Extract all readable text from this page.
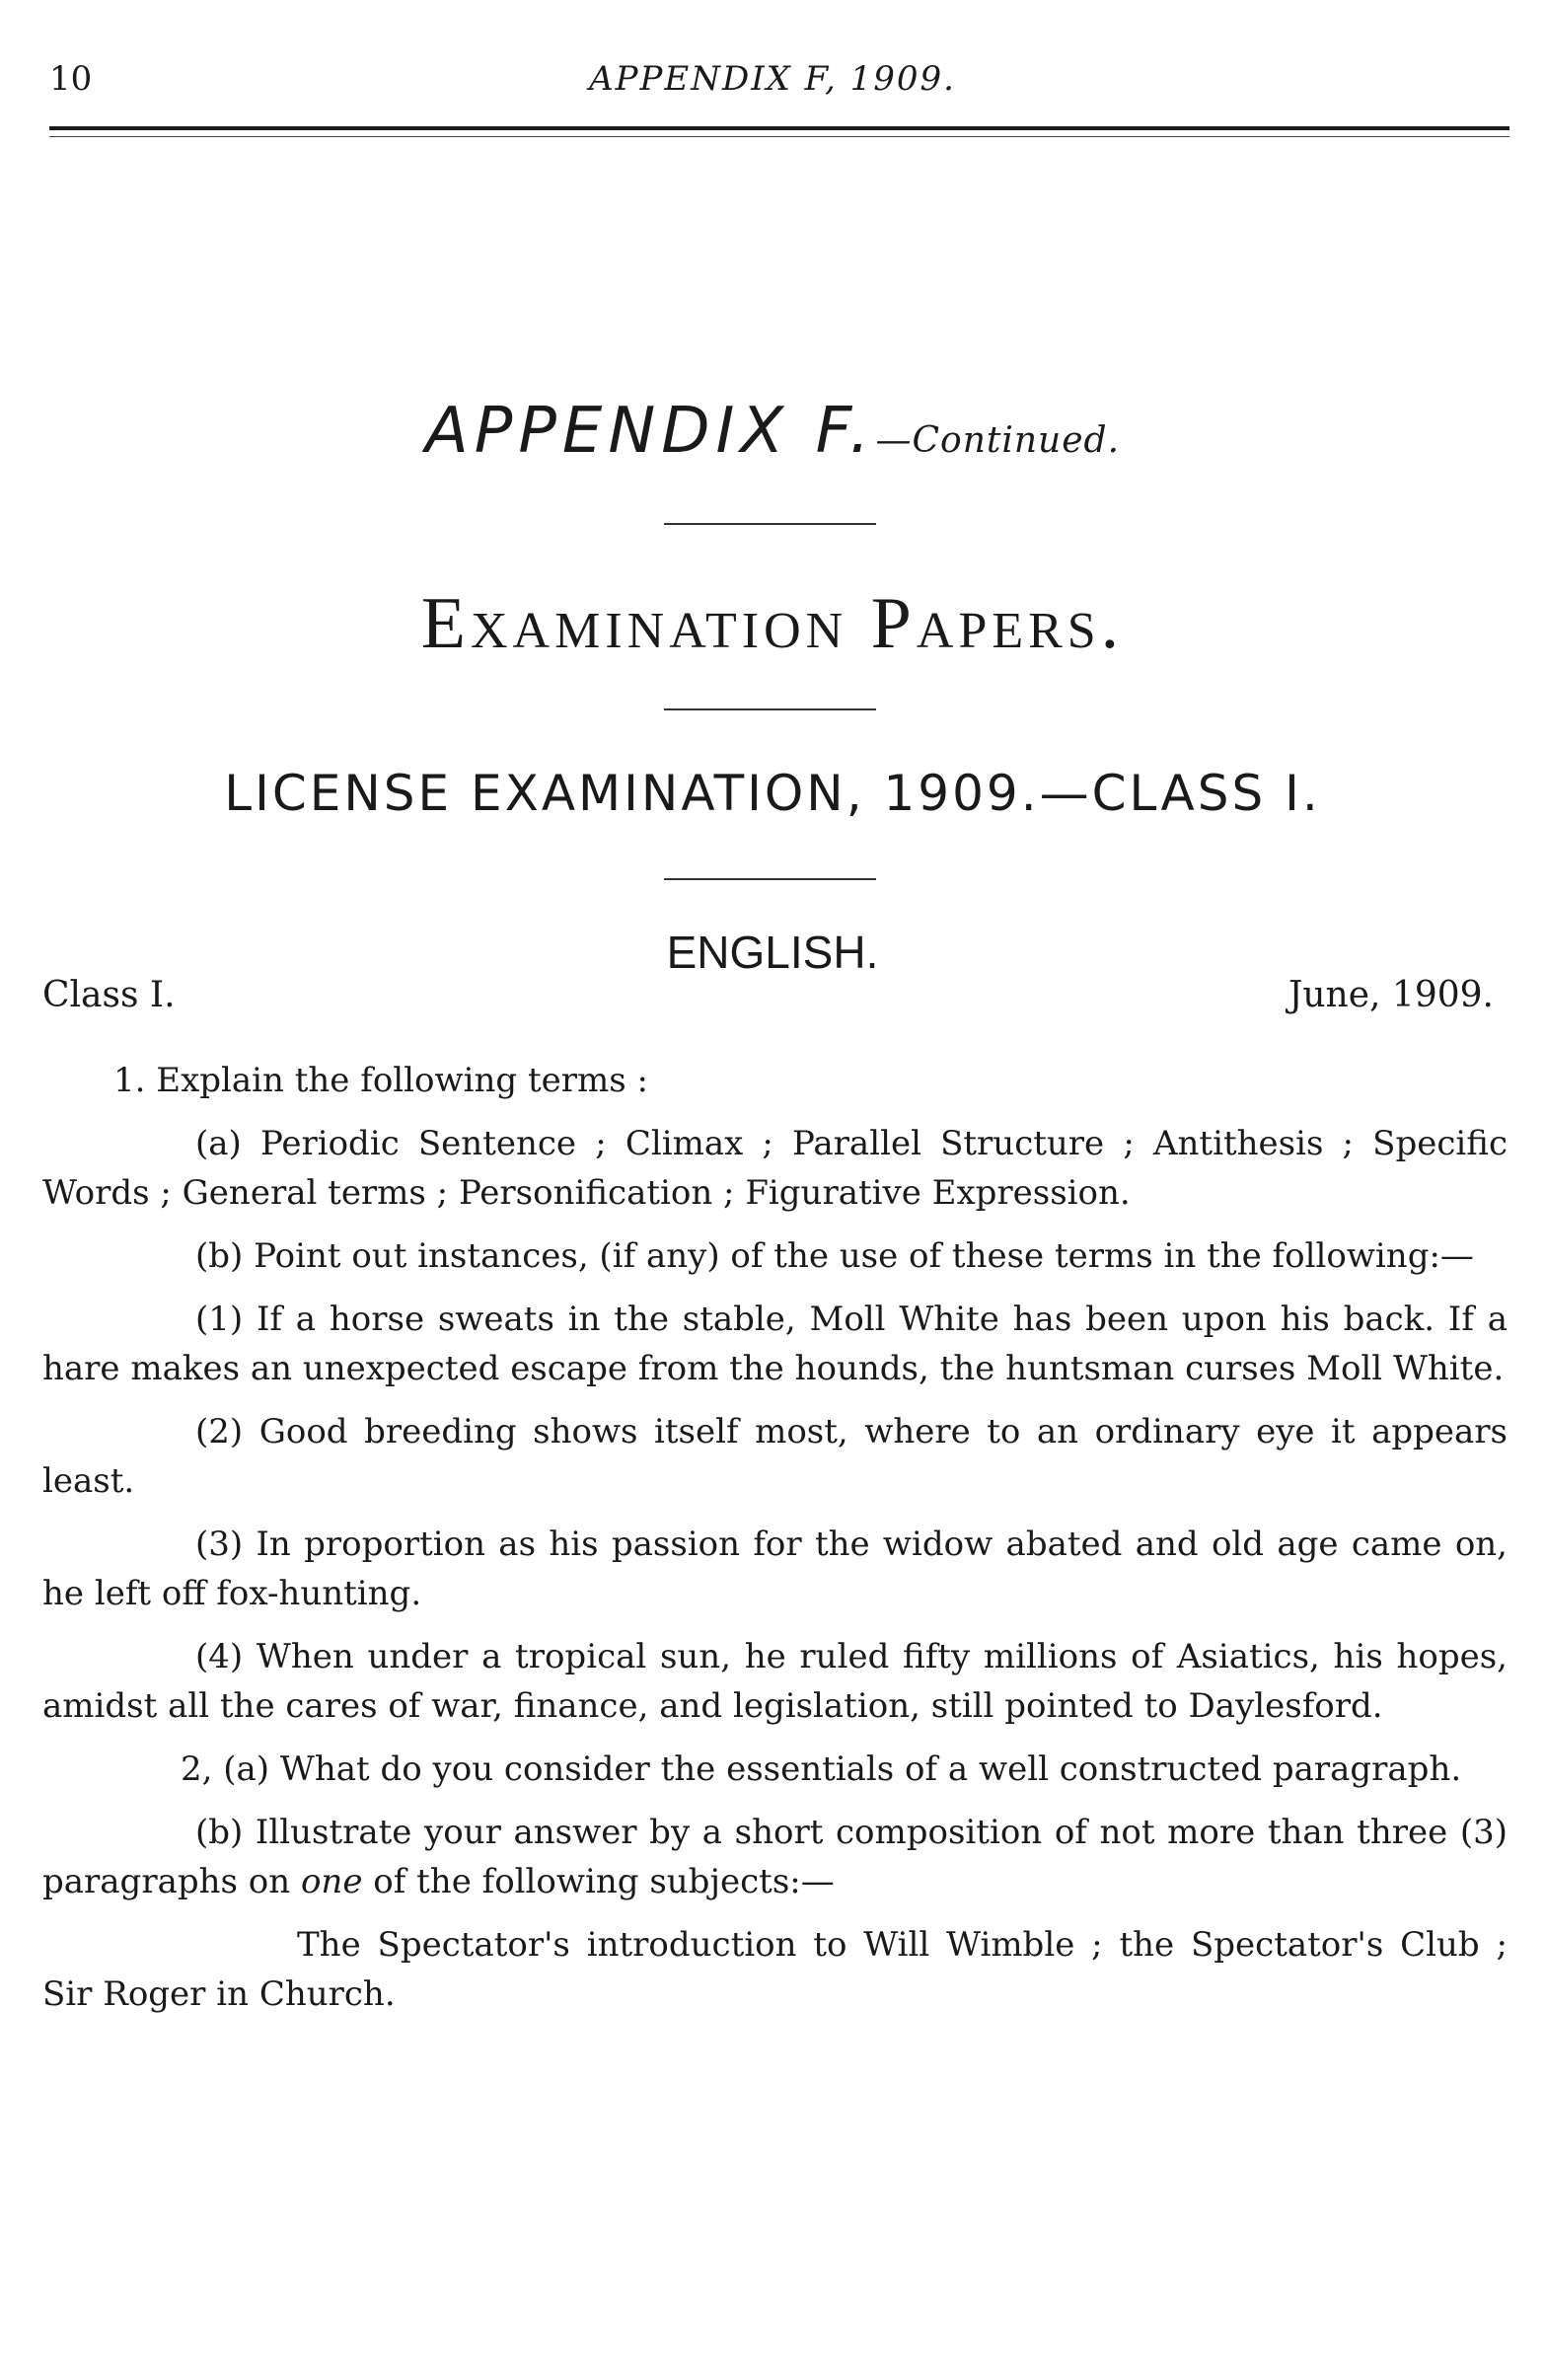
10	APPENDIX F, 1909.
APPENDIX F.—Continued.
Examination Papers.
LICENSE EXAMINATION, 1909.—CLASS I.
ENGLISH.
Class I.	June, 1909.

1. Explain the following terms :

(a) Periodic Sentence ; Climax ; Parallel Structure ; Antithesis ; Specific Words ; General terms ; Personification ; Figurative Expression.

(b) Point out instances, (if any) of the use of these terms in the following:—

(1) If a horse sweats in the stable, Moll White has been upon his back. If a hare makes an unexpected escape from the hounds, the huntsman curses Moll White.

(2) Good breeding shows itself most, where to an ordinary eye it appears least.

(3) In proportion as his passion for the widow abated and old age came on, he left off fox-hunting.

(4) When under a tropical sun, he ruled fifty millions of Asiatics, his hopes, amidst all the cares of war, finance, and legislation, still pointed to Daylesford.

2, (a) What do you consider the essentials of a well constructed paragraph.

(b) Illustrate your answer by a short composition of not more than three (3) paragraphs on one of the following subjects:—

The Spectator's introduction to Will Wimble ; the Spectator's Club ; Sir Roger in Church.
